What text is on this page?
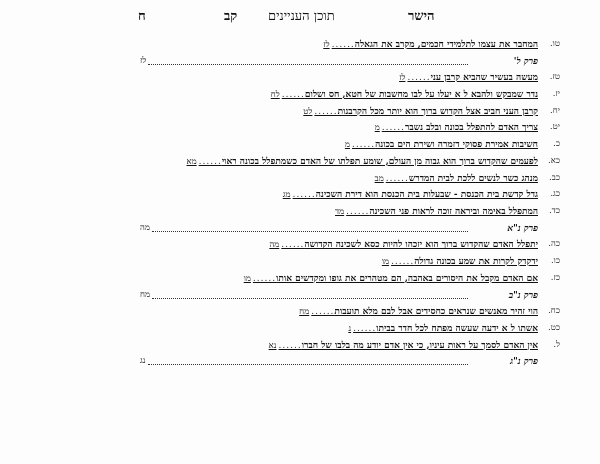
ח	קב תוכן העניינים	הישר
טו.
המחבר את עצמו לתלמידי חכמים, מקרב את הגאלה......לז
פרק ל'
לז
טז.
מעשה בעשיר שהביא קרבן עני......לז
יז.
נדר שמבקש ולהבא ל א יעלו על לבו מחשבות של חטא, חס ושלום......לח
יח.
קרבן העני חביב אצל הקדוש ברוך הוא יותר מכל הקרבנות......לט
יט.
צריך האדם להתפלל בכונה ובלב נשבר......מ
כ.
חשיבות אמירת פסוקי דזמרה ושירת הים בכונה......מ
כא.
לפעמים שהקדוש ברוך הוא גבוה מן העולם, שומע תפלתו של האדם כשמתפלל בכונה ראוי......מא
כב.
מנהג כשר לנשים ללכת לבית המדרש......מב
כג.
גדל קדשת בית הכנסת - שבעלות בית הכנסת הוא דירת השכינה......מג
כד.
המתפלל באימה וביראה זוכה לראות פני השכינה......מד
פרק נ"א
מה
כה.
יתפלל האדם שהקדוש ברוך הוא יזכהו להיות כסא לשכינה הקדושה......מה
כו.
ידקדק לקרות את שמע בכונה גדולה......מו
כז.
אם האדם מקבל את היסורים באהבה, הם מטהרים את גופו ומקדשים אותו......מו
פרק נ"ב
מח
כח.
הוי זהיר מאנשים שנראים כחסידים אבל לבם מלא תועבות......מח
כט.
אשתו ל א ידעה שעשה מפתח לכל חדר בביתו......נ
ל.
אין האדם לסמך על ראות עיניו, כי אין אדם יודע מה בלבו של חברו......נא
פרק נ"ג
נג
